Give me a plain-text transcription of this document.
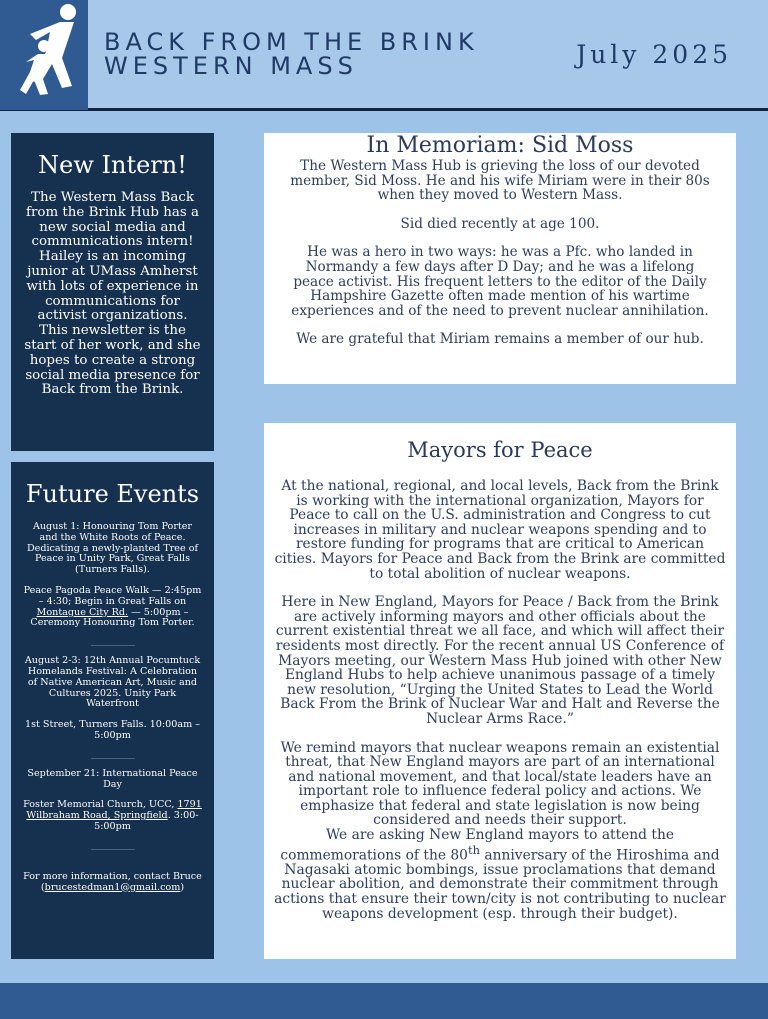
BACK FROM THE BRINK
WESTERN MASS	July 2025
New Intern!

The Western Mass Back from the Brink Hub has a new social media and communications intern! Hailey is an incoming junior at UMass Amherst with lots of experience in communications for activist organizations. This newsletter is the start of her work, and she hopes to create a strong social media presence for Back from the Brink.

Future Events
August 1: Honouring Tom Porter and the White Roots of Peace. Dedicating a newly-planted Tree of Peace in Unity Park, Great Falls (Turners Falls).
Peace Pagoda Peace Walk — 2:45pm – 4:30; Begin in Great Falls on Montague City Rd. — 5:00pm – Ceremony Honouring Tom Porter.
August 2-3: 12th Annual Pocumtuck Homelands Festival: A Celebration of Native American Art, Music and Cultures 2025. Unity Park Waterfront
1st Street, Turners Falls. 10:00am – 5:00pm
September 21: International Peace Day
Foster Memorial Church, UCC, 1791 Wilbraham Road, Springfield. 3:00-5:00pm
For more information, contact Bruce (brucestedman1@gmail.com)
In Memoriam: Sid Moss

The Western Mass Hub is grieving the loss of our devoted member, Sid Moss. He and his wife Miriam were in their 80s when they moved to Western Mass.

Sid died recently at age 100.

He was a hero in two ways: he was a Pfc. who landed in Normandy a few days after D Day; and he was a lifelong peace activist. His frequent letters to the editor of the Daily Hampshire Gazette often made mention of his wartime experiences and of the need to prevent nuclear annihilation.

We are grateful that Miriam remains a member of our hub.

Mayors for Peace

At the national, regional, and local levels, Back from the Brink is working with the international organization, Mayors for Peace to call on the U.S. administration and Congress to cut increases in military and nuclear weapons spending and to restore funding for programs that are critical to American cities. Mayors for Peace and Back from the Brink are committed to total abolition of nuclear weapons.

Here in New England, Mayors for Peace / Back from the Brink are actively informing mayors and other officials about the current existential threat we all face, and which will affect their residents most directly. For the recent annual US Conference of Mayors meeting, our Western Mass Hub joined with other New England Hubs to help achieve unanimous passage of a timely new resolution, “Urging the United States to Lead the World Back From the Brink of Nuclear War and Halt and Reverse the Nuclear Arms Race.”

We remind mayors that nuclear weapons remain an existential threat, that New England mayors are part of an international and national movement, and that local/state leaders have an important role to influence federal policy and actions. We emphasize that federal and state legislation is now being considered and needs their support.

We are asking New England mayors to attend the commemorations of the 80th anniversary of the Hiroshima and Nagasaki atomic bombings, issue proclamations that demand nuclear abolition, and demonstrate their commitment through actions that ensure their town/city is not contributing to nuclear weapons development (esp. through their budget).
